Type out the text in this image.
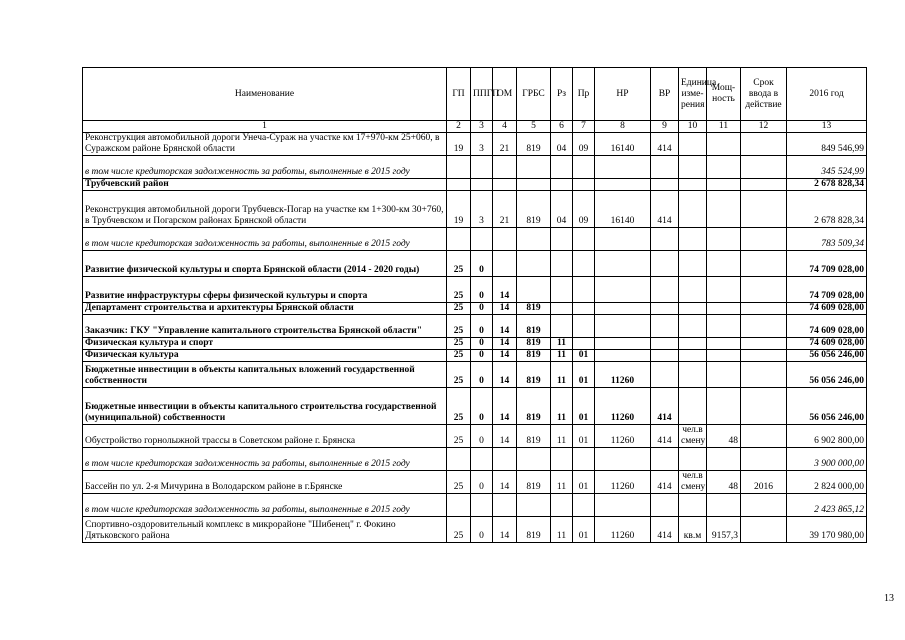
Наименование	ГП	ППГП	ОМ	ГРБС	Рз	Пр	НР	ВР	Единица изме-рения	Мощ-ность	Срок ввода в действие	2016 год
1	2	3	4	5	6	7	8	9	10	11	12	13
Реконструкция автомобильной дороги Унеча-Сураж на участке км 17+970-км 25+060, в Суражском районе Брянской области	19	3	21	819	04	09	16140	414				849 546,99
в том числе кредиторская задолженность за работы, выполненные в 2015 году												345 524,99
Трубчевский район												2 678 828,34
Реконструкция автомобильной дороги Трубчевск-Погар на участке км 1+300-км 30+760, в Трубчевском и Погарском районах Брянской области	19	3	21	819	04	09	16140	414				2 678 828,34
в том числе кредиторская задолженность за работы, выполненные в 2015 году												783 509,34
Развитие физической культуры и спорта Брянской области (2014 - 2020 годы)	25	0										74 709 028,00
Развитие инфраструктуры сферы физической культуры и спорта	25	0	14									74 709 028,00
Департамент строительства и архитектуры Брянской области	25	0	14	819								74 609 028,00
Заказчик: ГКУ "Управление капитального строительства Брянской области"	25	0	14	819								74 609 028,00
Физическая культура и спорт	25	0	14	819	11							74 609 028,00
Физическая культура	25	0	14	819	11	01						56 056 246,00
Бюджетные инвестиции в объекты капитальных вложений государственной собственности	25	0	14	819	11	01	11260					56 056 246,00
Бюджетные инвестиции в объекты капитального строительства государственной (муниципальной) собственности	25	0	14	819	11	01	11260	414				56 056 246,00
Обустройство горнолыжной трассы в Советском районе г. Брянска	25	0	14	819	11	01	11260	414	чел.в смену	48		6 902 800,00
в том числе кредиторская задолженность за работы, выполненные в 2015 году												3 900 000,00
Бассейн по ул. 2-я Мичурина в Володарском районе в г.Брянске	25	0	14	819	11	01	11260	414	чел.в смену	48	2016	2 824 000,00
в том числе кредиторская задолженность за работы, выполненные в 2015 году												2 423 865,12
Спортивно-оздоровительный комплекс в микрорайоне "Шибенец" г. Фокино Дятьковского района	25	0	14	819	11	01	11260	414	кв.м	9157,3		39 170 980,00
13
